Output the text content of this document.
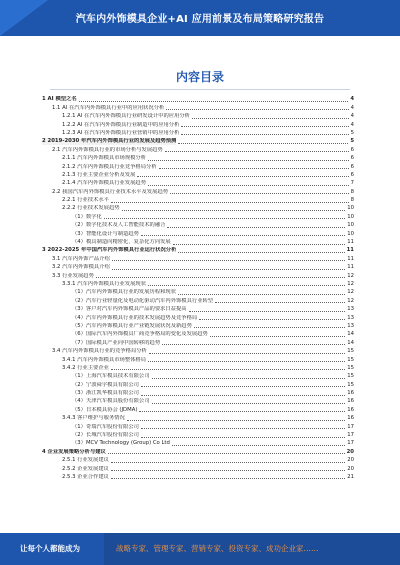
汽车内外饰模具企业+AI 应用前景及布局策略研究报告
内容目录
1 AI 模型之名	4
1.1 AI 在汽车内外饰模具行业中的应用状况分析	4
1.2.1 AI 在汽车内外饰模具行业研发设计中的应用分析	4
1.2.2 AI 在汽车内外饰模具行业制造中的应用分析	4
1.2.3 AI 在汽车内外饰模具行业营销中的应用分析	5
2 2019-2030 年汽车内外饰模具行业的发展及趋势预测	5
2.1 汽车内外饰模具行业的市场分析与发展趋势	6
2.1.1 汽车内外饰模具市场规模分析	6
2.1.2 汽车内外饰模具行业竞争格局分析	6
2.1.3 行业主要企业分析及发展	6
2.1.4 汽车内外饰模具行业发展趋势	7
2.2 我国汽车内外饰模具行业技术水平及发展趋势	8
2.2.1 行业技术水平	8
2.2.2 行业技术发展趋势	10
（1）数字化	10
（2）数字化技术及人工智能技术的融合	10
（3）智能化设计与制造趋势	10
（4）模具制造向精密化、复杂化方向发展	11
3 2022-2025 年中国汽车内外饰模具行业运行状况分析	11
3.1 汽车内外饰产品介绍	11
3.2 汽车内外饰模具介绍	11
3.3 行业发展趋势	12
3.3.1 汽车内外饰模具行业发展现状	12
（1）汽车内外饰模具行业的发展历程和现状	12
（2）汽车行业轻量化及电动化驱动汽车内外饰模具行业转型	12
（3）客户对汽车内外饰模具产品的要求日益提高	13
（4）汽车内外饰模具行业的技术发展趋势及竞争格局	13
（5）汽车内外饰模具行业产业链发展状况及新趋势	13
（6）国际汽车内外饰模具厂商竞争格局的变化及发展趋势	14
（7）国际模具产业向中国转移的趋势	14
3.4 汽车内外饰模具行业的竞争格局分析	15
3.4.1 汽车内外饰模具市场整体格局	15
3.4.2 行业主要企业	15
（1）上海汽车模具技术有限公司	15
（2）宁波舜宇模具有限公司	15
（3）浙江凯华模具有限公司	16
（4）天津汽车模具股份有限公司	16
（5）日本模具协会 (JDMA)	16
3.4.3 客户维护与服务情况	16
（1）奇瑞汽车股份有限公司	17
（2）长城汽车股份有限公司	17
（3）MCV Technology (Group) Co Ltd	17
4 企业发展策略分析与建议	20
2.5.1 行业发展建议	20
2.5.2 企业发展建议	20
2.5.3 企业合作建议	21
让每个人都能成为	战略专家、管理专家、营销专家、投资专家、成功企业家……
